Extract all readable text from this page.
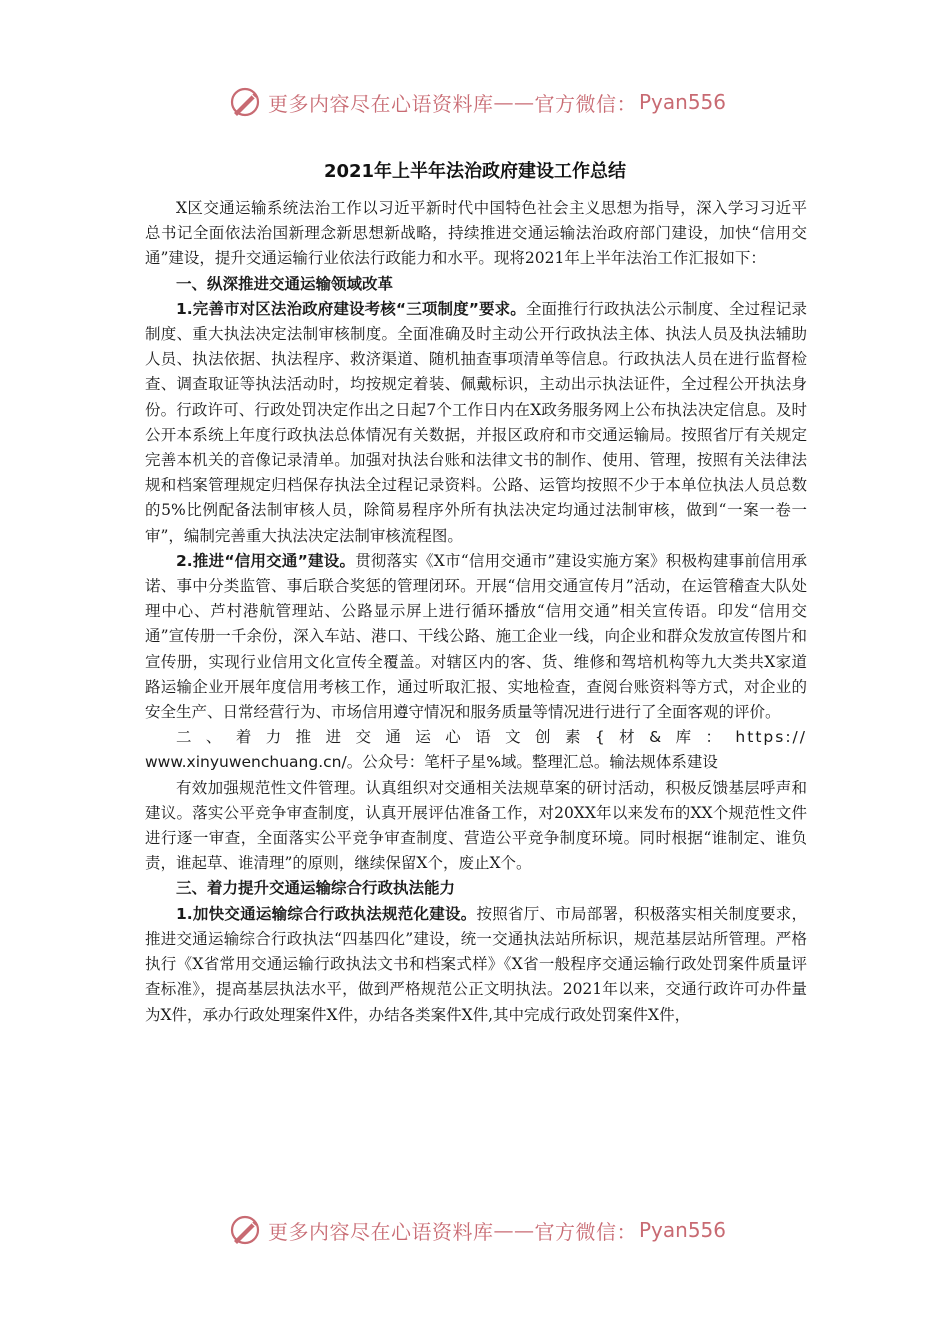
更多内容尽在心语资料库 —— 官方微信： Pyan556
2021年上半年法治政府建设工作总结

X区交通运输系统法治工作以习近平新时代中国特色社会主义思想为指导，深入学习习近平总书记全面依法治国新理念新思想新战略，持续推进交通运输法治政府部门建设，加快“信用交通”建设，提升交通运输行业依法行政能力和水平。现将2021年上半年法治工作汇报如下：

一、纵深推进交通运输领域改革

1.完善市对区法治政府建设考核“三项制度”要求。全面推行行政执法公示制度、全过程记录制度、重大执法决定法制审核制度。全面准确及时主动公开行政执法主体、执法人员及执法辅助人员、执法依据、执法程序、救济渠道、随机抽查事项清单等信息。行政执法人员在进行监督检查、调查取证等执法活动时，均按规定着装、佩戴标识，主动出示执法证件，全过程公开执法身份。行政许可、行政处罚决定作出之日起7个工作日内在X政务服务网上公布执法决定信息。及时公开本系统上年度行政执法总体情况有关数据，并报区政府和市交通运输局。按照省厅有关规定完善本机关的音像记录清单。加强对执法台账和法律文书的制作、使用、管理，按照有关法律法规和档案管理规定归档保存执法全过程记录资料。公路、运管均按照不少于本单位执法人员总数的5%比例配备法制审核人员，除简易程序外所有执法决定均通过法制审核，做到“一案一卷一审”，编制完善重大执法决定法制审核流程图。

2.推进“信用交通”建设。贯彻落实《X市“信用交通市”建设实施方案》积极构建事前信用承诺、事中分类监管、事后联合奖惩的管理闭环。开展“信用交通宣传月”活动，在运管稽查大队处理中心、芦村港航管理站、公路显示屏上进行循环播放“信用交通”相关宣传语。印发“信用交通”宣传册一千余份，深入车站、港口、干线公路、施工企业一线，向企业和群众发放宣传图片和宣传册，实现行业信用文化宣传全覆盖。对辖区内的客、货、维修和驾培机构等九大类共X家道路运输企业开展年度信用考核工作，通过听取汇报、实地检查，查阅台账资料等方式，对企业的安全生产、日常经营行为、市场信用遵守情况和服务质量等情况进行进行了全面客观的评价。

二、着力推进交通运心语文创素{材&库：https://

www.xinyuwenchuang.cn/。公众号：笔杆子星%域。整理汇总。输法规体系建设

有效加强规范性文件管理。认真组织对交通相关法规草案的研讨活动，积极反馈基层呼声和建议。落实公平竞争审查制度，认真开展评估准备工作，对20XX年以来发布的XX个规范性文件进行逐一审查，全面落实公平竞争审查制度、营造公平竞争制度环境。同时根据“谁制定、谁负责，谁起草、谁清理”的原则，继续保留X个，废止X个。

三、着力提升交通运输综合行政执法能力

1.加快交通运输综合行政执法规范化建设。按照省厅、市局部署，积极落实相关制度要求，推进交通运输综合行政执法“四基四化”建设，统一交通执法站所标识，规范基层站所管理。严格执行《X省常用交通运输行政执法文书和档案式样》《X省一般程序交通运输行政处罚案件质量评查标准》，提高基层执法水平，做到严格规范公正文明执法。2021年以来，交通行政许可办件量为X件，承办行政处理案件X件，办结各类案件X件,其中完成行政处罚案件X件，

更多内容尽在心语资料库 —— 官方微信： Pyan556
